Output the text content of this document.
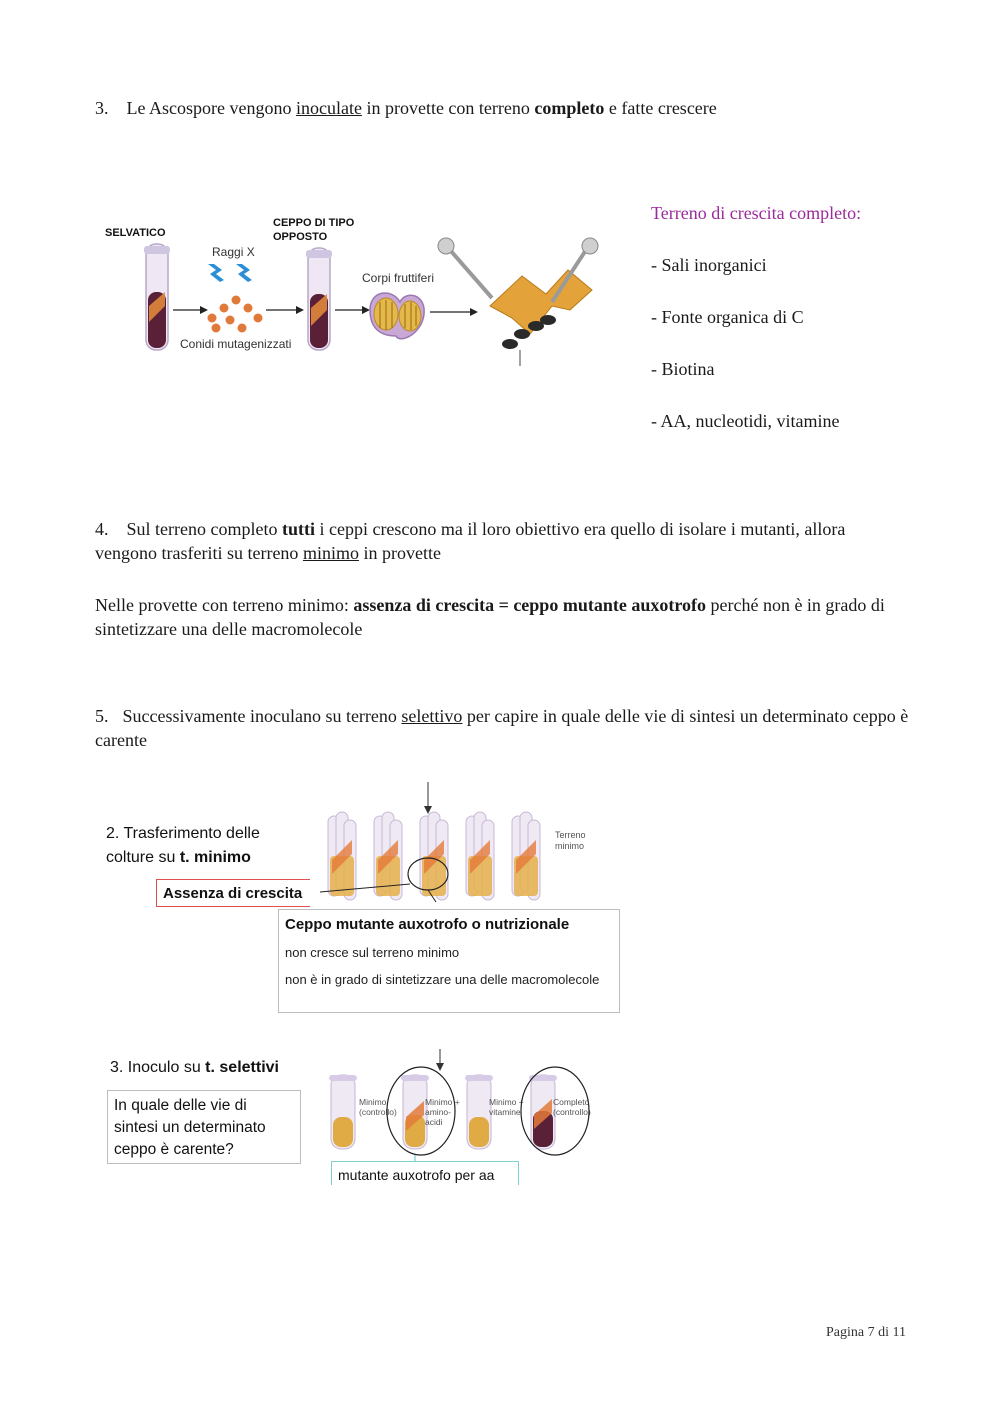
3. Le Ascospore vengono inoculate in provette con terreno completo e fatte crescere

SELVATICO
Raggi X
Conidi mutagenizzati
CEPPO DI TIPO
OPPOSTO
Corpi fruttiferi

Terreno di crescita completo:

- Sali inorganici

- Fonte organica di C

- Biotina

- AA, nucleotidi, vitamine

4. Sul terreno completo tutti i ceppi crescono ma il loro obiettivo era quello di isolare i mutanti, allora vengono trasferiti su terreno minimo in provette

Nelle provette con terreno minimo: assenza di crescita = ceppo mutante auxotrofo perché non è in grado di sintetizzare una delle macromolecole

5. Successivamente inoculano su terreno selettivo per capire in quale delle vie di sintesi un determinato ceppo è carente

2. Trasferimento delle colture su t. minimo
Assenza di crescita
Terreno
minimo
Ceppo mutante auxotrofo o nutrizionale
non cresce sul terreno minimo
non è in grado di sintetizzare una delle macromolecole
3. Inoculo su t. selettivi
In quale delle vie di sintesi un determinato ceppo è carente?
Minimo
(controllo)
Minimo +
amino-
acidi
Minimo +
vitamine
Completo
(controllo)
mutante auxotrofo per aa
Pagina 7 di 11
